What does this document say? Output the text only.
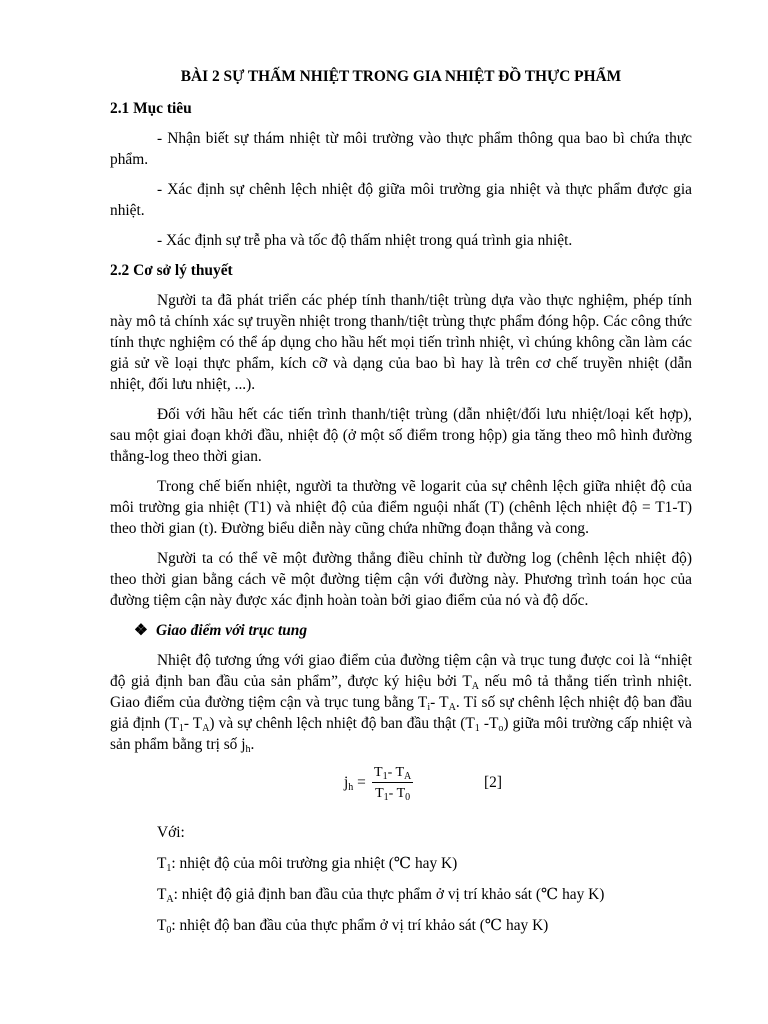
BÀI 2 SỰ THẤM NHIỆT TRONG GIA NHIỆT ĐỒ THỰC PHẨM
2.1 Mục tiêu

- Nhận biết sự thám nhiệt từ môi trường vào thực phẩm thông qua bao bì chứa thực phẩm.

- Xác định sự chênh lệch nhiệt độ giữa môi trường gia nhiệt và thực phẩm được gia nhiệt.

- Xác định sự trễ pha và tốc độ thấm nhiệt trong quá trình gia nhiệt.

2.2 Cơ sở lý thuyết

Người ta đã phát triển các phép tính thanh/tiệt trùng dựa vào thực nghiệm, phép tính này mô tả chính xác sự truyền nhiệt trong thanh/tiệt trùng thực phẩm đóng hộp. Các công thức tính thực nghiệm có thể áp dụng cho hầu hết mọi tiến trình nhiệt, vì chúng không cần làm các giả sử về loại thực phẩm, kích cỡ và dạng của bao bì hay là trên cơ chế truyền nhiệt (dẫn nhiệt, đối lưu nhiệt, ...).

Đối với hầu hết các tiến trình thanh/tiệt trùng (dẫn nhiệt/đối lưu nhiệt/loại kết hợp), sau một giai đoạn khởi đầu, nhiệt độ (ở một số điểm trong hộp) gia tăng theo mô hình đường thẳng-log theo thời gian.

Trong chế biến nhiệt, người ta thường vẽ logarit của sự chênh lệch giữa nhiệt độ của môi trường gia nhiệt (T1) và nhiệt độ của điểm nguội nhất (T) (chênh lệch nhiệt độ = T1-T) theo thời gian (t). Đường biểu diễn này cũng chứa những đoạn thẳng và cong.

Người ta có thể vẽ một đường thẳng điều chỉnh từ đường log (chênh lệch nhiệt độ) theo thời gian bằng cách vẽ một đường tiệm cận với đường này. Phương trình toán học của đường tiệm cận này được xác định hoàn toàn bởi giao điểm của nó và độ dốc.

❖ Giao điểm với trục tung

Nhiệt độ tương ứng với giao điểm của đường tiệm cận và trục tung được coi là “nhiệt độ giả định ban đầu của sản phẩm”, được ký hiệu bởi $T_A$ nếu mô tả thẳng tiến trình nhiệt. Giao điểm của đường tiệm cận và trục tung bằng $T_i-$ $T_A$. Tỉ số sự chênh lệch nhiệt độ ban đầu giả định ($T_1-$ $T_A$) và sự chênh lệch nhiệt độ ban đầu thật ($T_1$ $-T_o$) giữa môi trường cấp nhiệt và sản phẩm bằng trị số $j_h$.

$j_h = \frac{T_1- T_A}{T_1- T_0}$	[2]

Với:

$T_1$: nhiệt độ của môi trường gia nhiệt (℃ hay K)

$T_A$: nhiệt độ giả định ban đầu của thực phẩm ở vị trí khảo sát (℃ hay K)

$T_0$: nhiệt độ ban đầu của thực phẩm ở vị trí khảo sát (℃ hay K)
